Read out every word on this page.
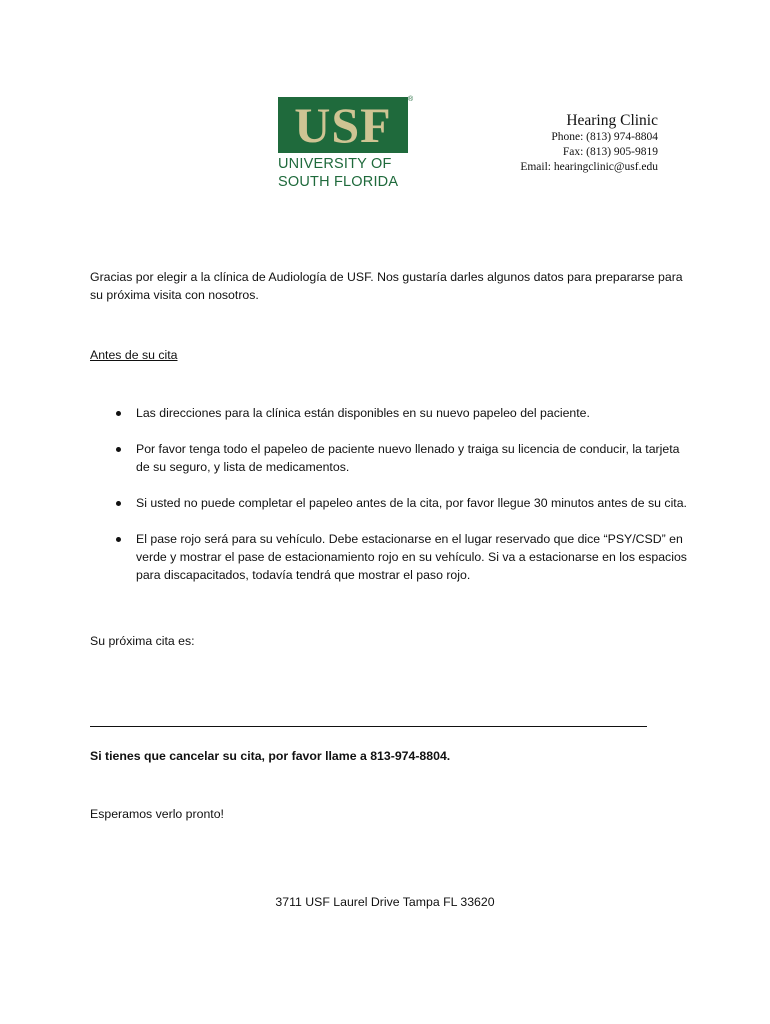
USF ®
UNIVERSITY OF
SOUTH FLORIDA
Hearing Clinic
Phone: (813) 974-8804
Fax: (813) 905-9819
Email: hearingclinic@usf.edu
Gracias por elegir a la clínica de Audiología de USF. Nos gustaría darles algunos datos para prepararse para su próxima visita con nosotros.
Antes de su cita
Las direcciones para la clínica están disponibles en su nuevo papeleo del paciente.
Por favor tenga todo el papeleo de paciente nuevo llenado y traiga su licencia de conducir, la tarjeta de su seguro, y lista de medicamentos.
Si usted no puede completar el papeleo antes de la cita, por favor llegue 30 minutos antes de su cita.
El pase rojo será para su vehículo. Debe estacionarse en el lugar reservado que dice “PSY/CSD” en verde y mostrar el pase de estacionamiento rojo en su vehículo. Si va a estacionarse en los espacios para discapacitados, todavía tendrá que mostrar el paso rojo.
Su próxima cita es:
Si tienes que cancelar su cita, por favor llame a 813-974-8804.
Esperamos verlo pronto!
3711 USF Laurel Drive Tampa FL 33620
